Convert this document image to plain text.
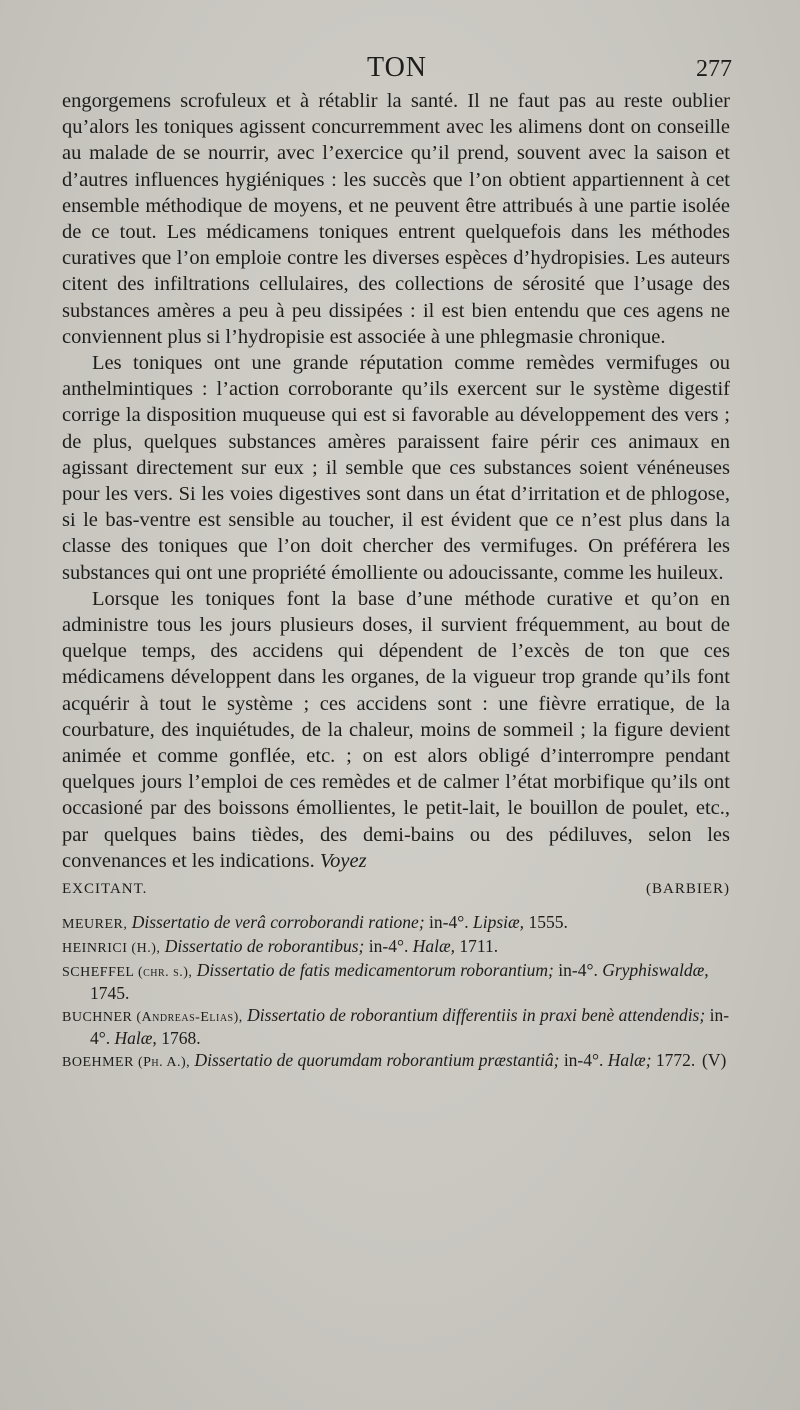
TON	277

engorgemens scrofuleux et à rétablir la santé. Il ne faut pas au reste oublier qu’alors les toniques agissent concurremment avec les alimens dont on conseille au malade de se nourrir, avec l’exercice qu’il prend, souvent avec la saison et d’autres influences hygiéniques : les succès que l’on obtient appartiennent à cet ensemble méthodique de moyens, et ne peuvent être attribués à une partie isolée de ce tout. Les médicamens toniques entrent quelquefois dans les méthodes curatives que l’on emploie contre les diverses espèces d’hydropisies. Les auteurs citent des infiltrations cellulaires, des collections de sérosité que l’usage des substances amères a peu à peu dissipées : il est bien entendu que ces agens ne conviennent plus si l’hydropisie est associée à une phlegmasie chronique.

Les toniques ont une grande réputation comme remèdes vermifuges ou anthelmintiques : l’action corroborante qu’ils exercent sur le système digestif corrige la disposition muqueuse qui est si favorable au développement des vers ; de plus, quelques substances amères paraissent faire périr ces animaux en agissant directement sur eux ; il semble que ces substances soient vénéneuses pour les vers. Si les voies digestives sont dans un état d’irritation et de phlogose, si le bas-ventre est sensible au toucher, il est évident que ce n’est plus dans la classe des toniques que l’on doit chercher des vermifuges. On préférera les substances qui ont une propriété émolliente ou adoucissante, comme les huileux.

Lorsque les toniques font la base d’une méthode curative et qu’on en administre tous les jours plusieurs doses, il survient fréquemment, au bout de quelque temps, des accidens qui dépendent de l’excès de ton que ces médicamens développent dans les organes, de la vigueur trop grande qu’ils font acquérir à tout le système ; ces accidens sont : une fièvre erratique, de la courbature, des inquiétudes, de la chaleur, moins de sommeil ; la figure devient animée et comme gonflée, etc. ; on est alors obligé d’interrompre pendant quelques jours l’emploi de ces remèdes et de calmer l’état morbifique qu’ils ont occasioné par des boissons émollientes, le petit-lait, le bouillon de poulet, etc., par quelques bains tièdes, des demi-bains ou des pédiluves, selon les convenances et les indications. Voyez

EXCITANT.	(BARBIER)
MEURER, Dissertatio de verâ corroborandi ratione; in-4°. Lipsiæ, 1555.
HEINRICI (H.), Dissertatio de roborantibus; in-4°. Halæ, 1711.
SCHEFFEL (chr. s.), Dissertatio de fatis medicamentorum roborantium; in-4°. Gryphiswaldæ, 1745.
BUCHNER (Andreas-Elias), Dissertatio de roborantium differentiis in praxi benè attendendis; in-4°. Halæ, 1768.
BOEHMER (Ph. A.), Dissertatio de quorumdam roborantium præstantiâ; in-4°. Halæ; 1772. (V)
